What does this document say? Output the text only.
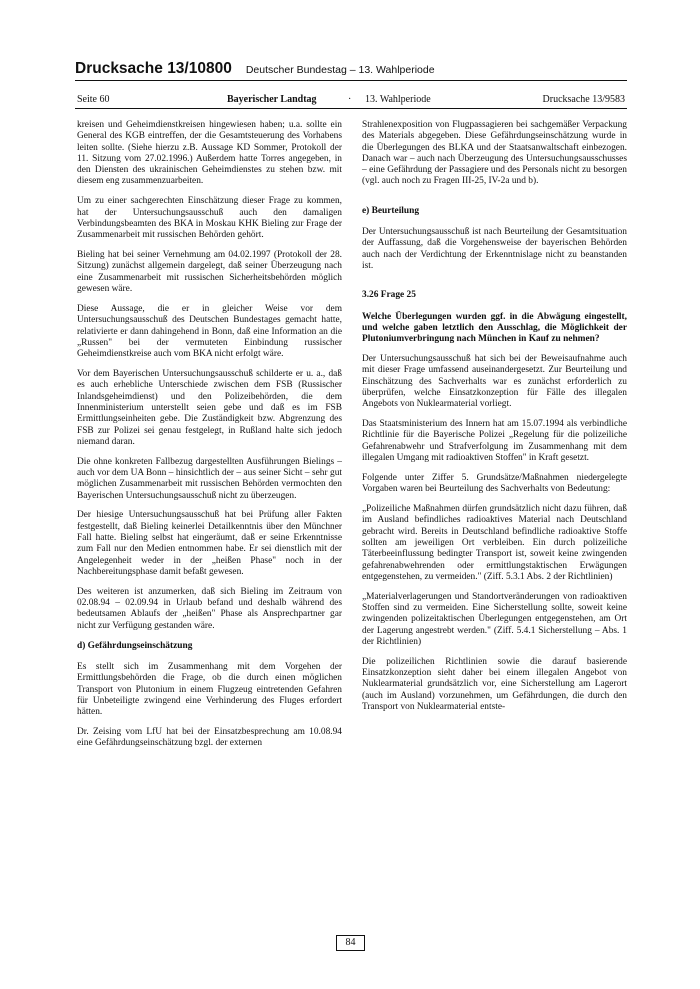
Drucksache 13/10800 Deutscher Bundestag – 13. Wahlperiode
Seite 60	Bayerischer Landtag	· 13. Wahlperiode	Drucksache 13/9583

kreisen und Geheimdienstkreisen hingewiesen haben; u.a. sollte ein General des KGB eintreffen, der die Gesamtsteuerung des Vorhabens leiten sollte. (Siehe hierzu z.B. Aussage KD Sommer, Protokoll der 11. Sitzung vom 27.02.1996.) Außerdem hatte Torres angegeben, in den Diensten des ukrainischen Geheimdienstes zu stehen bzw. mit diesem eng zusammenzuarbeiten.

Um zu einer sachgerechten Einschätzung dieser Frage zu kommen, hat der Untersuchungsausschuß auch den damaligen Verbindungsbeamten des BKA in Moskau KHK Bieling zur Frage der Zusammenarbeit mit russischen Behörden gehört.

Bieling hat bei seiner Vernehmung am 04.02.1997 (Protokoll der 28. Sitzung) zunächst allgemein dargelegt, daß seiner Überzeugung nach eine Zusammenarbeit mit russischen Sicherheitsbehörden möglich gewesen wäre.

Diese Aussage, die er in gleicher Weise vor dem Untersuchungsausschuß des Deutschen Bundestages gemacht hatte, relativierte er dann dahingehend in Bonn, daß eine Information an die „Russen" bei der vermuteten Einbindung russischer Geheimdienstkreise auch vom BKA nicht erfolgt wäre.

Vor dem Bayerischen Untersuchungsausschuß schilderte er u. a., daß es auch erhebliche Unterschiede zwischen dem FSB (Russischer Inlandsgeheimdienst) und den Polizeibehörden, die dem Innenministerium unterstellt seien gebe und daß es im FSB Ermittlungseinheiten gebe. Die Zuständigkeit bzw. Abgrenzung des FSB zur Polizei sei genau festgelegt, in Rußland halte sich jedoch niemand daran.

Die ohne konkreten Fallbezug dargestellten Ausführungen Bielings – auch vor dem UA Bonn – hinsichtlich der – aus seiner Sicht – sehr gut möglichen Zusammenarbeit mit russischen Behörden vermochten den Bayerischen Untersuchungsausschuß nicht zu überzeugen.

Der hiesige Untersuchungsausschuß hat bei Prüfung aller Fakten festgestellt, daß Bieling keinerlei Detailkenntnis über den Münchner Fall hatte. Bieling selbst hat eingeräumt, daß er seine Erkenntnisse zum Fall nur den Medien entnommen habe. Er sei dienstlich mit der Angelegenheit weder in der „heißen Phase" noch in der Nachbereitungsphase damit befaßt gewesen.

Des weiteren ist anzumerken, daß sich Bieling im Zeitraum von 02.08.94 – 02.09.94 in Urlaub befand und deshalb während des bedeutsamen Ablaufs der „heißen" Phase als Ansprechpartner gar nicht zur Verfügung gestanden wäre.

d) Gefährdungseinschätzung

Es stellt sich im Zusammenhang mit dem Vorgehen der Ermittlungsbehörden die Frage, ob die durch einen möglichen Transport von Plutonium in einem Flugzeug eintretenden Gefahren für Unbeteiligte zwingend eine Verhinderung des Fluges erfordert hätten.

Dr. Zeising vom LfU hat bei der Einsatzbesprechung am 10.08.94 eine Gefährdungseinschätzung bzgl. der externen

Strahlenexposition von Flugpassagieren bei sachgemäßer Verpackung des Materials abgegeben. Diese Gefährdungseinschätzung wurde in die Überlegungen des BLKA und der Staatsanwaltschaft einbezogen. Danach war – auch nach Überzeugung des Untersuchungsausschusses – eine Gefährdung der Passagiere und des Personals nicht zu besorgen (vgl. auch noch zu Fragen III-25, IV-2a und b).

e) Beurteilung

Der Untersuchungsausschuß ist nach Beurteilung der Gesamtsituation der Auffassung, daß die Vorgehensweise der bayerischen Behörden auch nach der Verdichtung der Erkenntnislage nicht zu beanstanden ist.

3.26 Frage 25

Welche Überlegungen wurden ggf. in die Abwägung eingestellt, und welche gaben letztlich den Ausschlag, die Möglichkeit der Plutoniumverbringung nach München in Kauf zu nehmen?

Der Untersuchungsausschuß hat sich bei der Beweisaufnahme auch mit dieser Frage umfassend auseinandergesetzt. Zur Beurteilung und Einschätzung des Sachverhalts war es zunächst erforderlich zu überprüfen, welche Einsatzkonzeption für Fälle des illegalen Angebots von Nuklearmaterial vorliegt.

Das Staatsministerium des Innern hat am 15.07.1994 als verbindliche Richtlinie für die Bayerische Polizei „Regelung für die polizeiliche Gefahrenabwehr und Strafverfolgung im Zusammenhang mit dem illegalen Umgang mit radioaktiven Stoffen" in Kraft gesetzt.

Folgende unter Ziffer 5. Grundsätze/Maßnahmen niedergelegte Vorgaben waren bei Beurteilung des Sachverhalts von Bedeutung:

„Polizeiliche Maßnahmen dürfen grundsätzlich nicht dazu führen, daß im Ausland befindliches radioaktives Material nach Deutschland gebracht wird. Bereits in Deutschland befindliche radioaktive Stoffe sollten am jeweiligen Ort verbleiben. Ein durch polizeiliche Täterbeeinflussung bedingter Transport ist, soweit keine zwingenden gefahrenabwehrenden oder ermittlungstaktischen Erwägungen entgegenstehen, zu vermeiden." (Ziff. 5.3.1 Abs. 2 der Richtlinien)

„Materialverlagerungen und Standortveränderungen von radioaktiven Stoffen sind zu vermeiden. Eine Sicherstellung sollte, soweit keine zwingenden polizeitaktischen Überlegungen entgegenstehen, am Ort der Lagerung angestrebt werden." (Ziff. 5.4.1 Sicherstellung – Abs. 1 der Richtlinien)

Die polizeilichen Richtlinien sowie die darauf basierende Einsatzkonzeption sieht daher bei einem illegalen Angebot von Nuklearmaterial grundsätzlich vor, eine Sicherstellung am Lagerort (auch im Ausland) vorzunehmen, um Gefährdungen, die durch den Transport von Nuklearmaterial entste-

84
